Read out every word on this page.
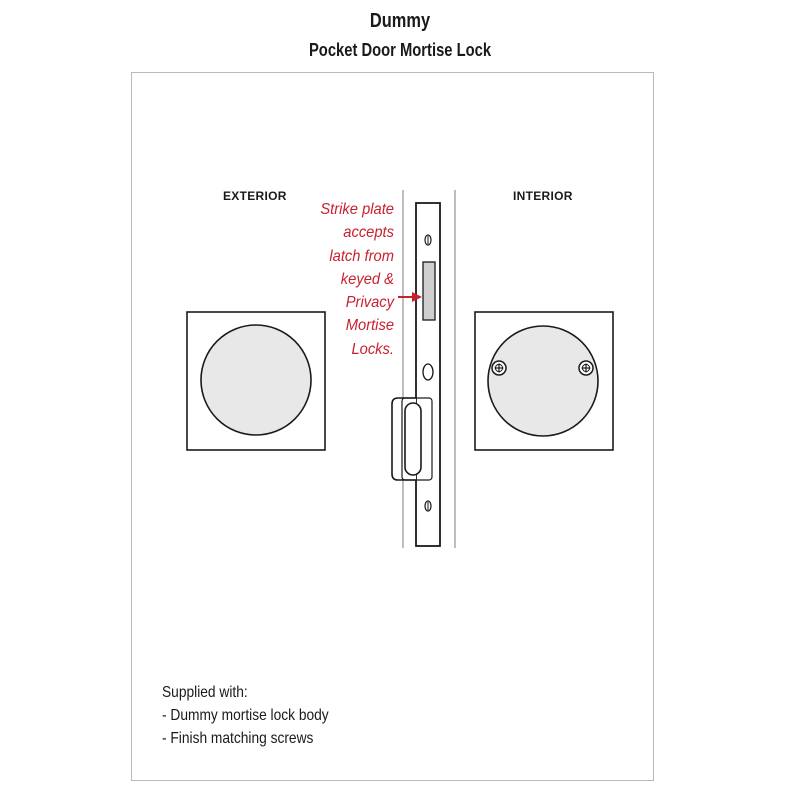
Dummy
Pocket Door Mortise Lock
EXTERIOR	INTERIOR
Strike plate
accepts
latch from
keyed &
Privacy
Mortise
Locks.
Supplied with:
- Dummy mortise lock body
- Finish matching screws
